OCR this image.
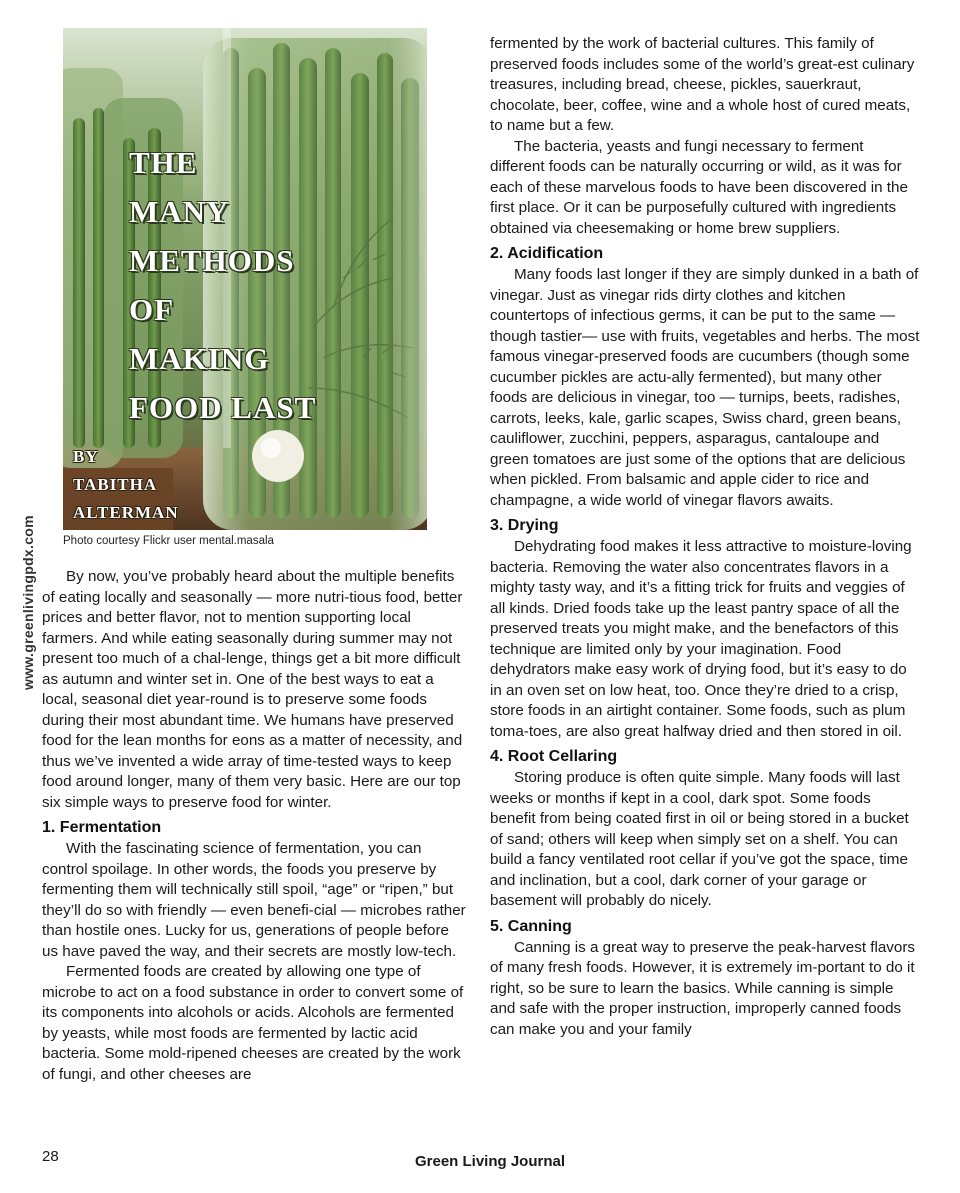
www.greenlivingpdx.com
THE
MANY
METHODS
OF
MAKING
FOOD LAST
BY
TABITHA
ALTERMAN
Photo courtesy Flickr user mental.masala

By now, you’ve probably heard about the multiple benefits of eating locally and seasonally — more nutri-tious food, better prices and better flavor, not to mention supporting local farmers. And while eating seasonally during summer may not present too much of a chal-lenge, things get a bit more difficult as autumn and winter set in. One of the best ways to eat a local, seasonal diet year-round is to preserve some foods during their most abundant time. We humans have preserved food for the lean months for eons as a matter of necessity, and thus we’ve invented a wide array of time-tested ways to keep food around longer, many of them very basic. Here are our top six simple ways to preserve food for winter.

1. Fermentation

With the fascinating science of fermentation, you can control spoilage. In other words, the foods you preserve by fermenting them will technically still spoil, “age” or “ripen,” but they’ll do so with friendly — even benefi-cial — microbes rather than hostile ones. Lucky for us, generations of people before us have paved the way, and their secrets are mostly low-tech.

Fermented foods are created by allowing one type of microbe to act on a food substance in order to convert some of its components into alcohols or acids. Alcohols are fermented by yeasts, while most foods are fermented by lactic acid bacteria. Some mold-ripened cheeses are created by the work of fungi, and other cheeses are

fermented by the work of bacterial cultures. This family of preserved foods includes some of the world’s great-est culinary treasures, including bread, cheese, pickles, sauerkraut, chocolate, beer, coffee, wine and a whole host of cured meats, to name but a few.

The bacteria, yeasts and fungi necessary to ferment different foods can be naturally occurring or wild, as it was for each of these marvelous foods to have been discovered in the first place. Or it can be purposefully cultured with ingredients obtained via cheesemaking or home brew suppliers.

2. Acidification

Many foods last longer if they are simply dunked in a bath of vinegar. Just as vinegar rids dirty clothes and kitchen countertops of infectious germs, it can be put to the same — though tastier— use with fruits, vegetables and herbs. The most famous vinegar-preserved foods are cucumbers (though some cucumber pickles are actu-ally fermented), but many other foods are delicious in vinegar, too — turnips, beets, radishes, carrots, leeks, kale, garlic scapes, Swiss chard, green beans, cauliflower, zucchini, peppers, asparagus, cantaloupe and green tomatoes are just some of the options that are delicious when pickled. From balsamic and apple cider to rice and champagne, a wide world of vinegar flavors awaits.

3. Drying

Dehydrating food makes it less attractive to moisture-loving bacteria. Removing the water also concentrates flavors in a mighty tasty way, and it’s a fitting trick for fruits and veggies of all kinds. Dried foods take up the least pantry space of all the preserved treats you might make, and the benefactors of this technique are limited only by your imagination. Food dehydrators make easy work of drying food, but it’s easy to do in an oven set on low heat, too. Once they’re dried to a crisp, store foods in an airtight container. Some foods, such as plum toma-toes, are also great halfway dried and then stored in oil.

4. Root Cellaring

Storing produce is often quite simple. Many foods will last weeks or months if kept in a cool, dark spot. Some foods benefit from being coated first in oil or being stored in a bucket of sand; others will keep when simply set on a shelf. You can build a fancy ventilated root cellar if you’ve got the space, time and inclination, but a cool, dark corner of your garage or basement will probably do nicely.

5. Canning

Canning is a great way to preserve the peak-harvest flavors of many fresh foods. However, it is extremely im-portant to do it right, so be sure to learn the basics. While canning is simple and safe with the proper instruction, improperly canned foods can make you and your family

28	Green Living Journal
